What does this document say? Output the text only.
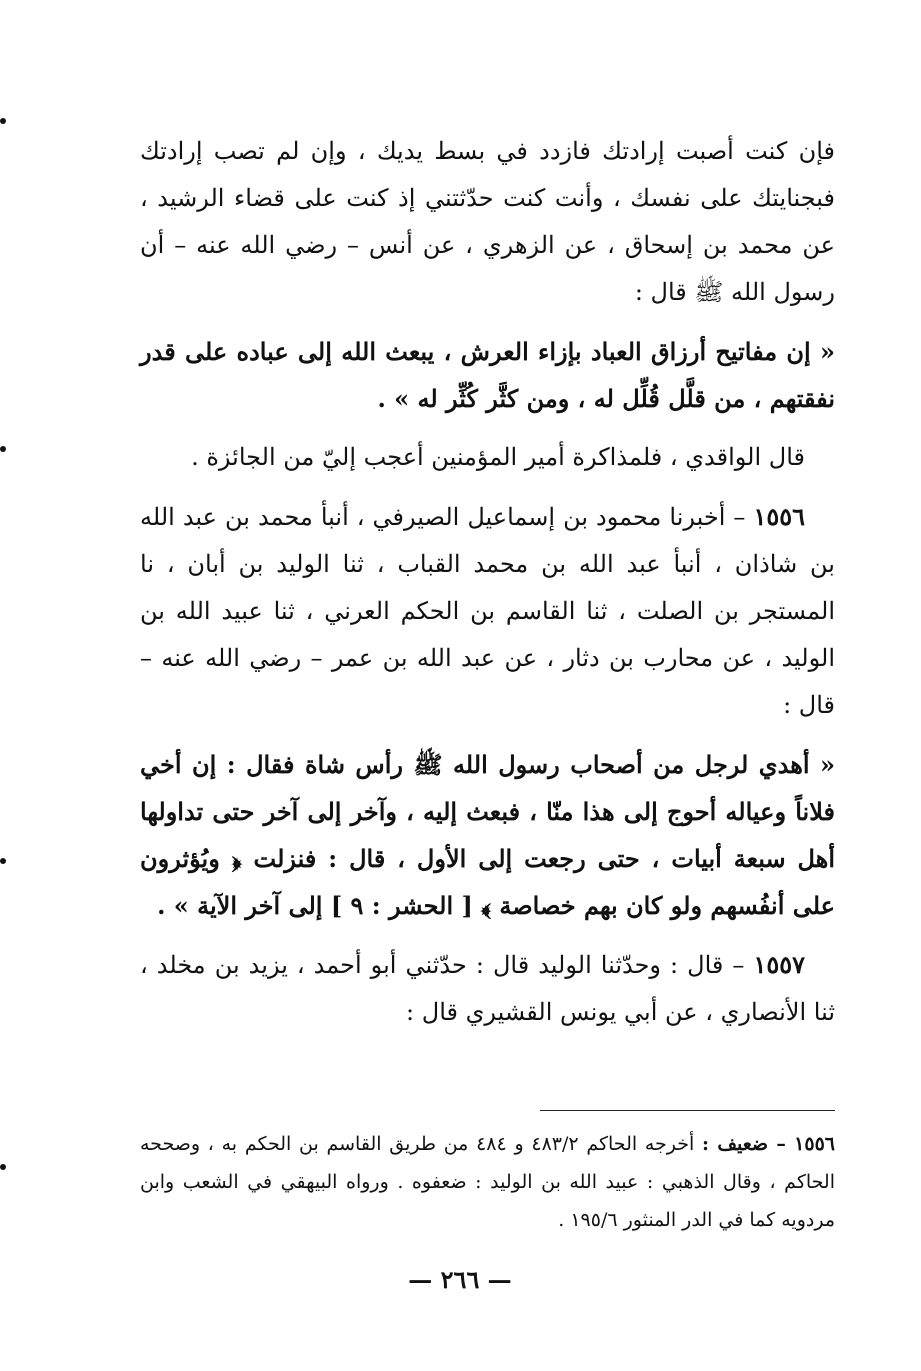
فإن كنت أصبت إرادتك فازدد في بسط يديك ، وإن لم تصب إرادتك فبجنايتك على نفسك ، وأنت كنت حدّثتني إذ كنت على قضاء الرشيد ، عن محمد بن إسحاق ، عن الزهري ، عن أنس – رضي الله عنه – أن رسول الله ﷺ قال :

« إن مفاتيح أرزاق العباد بإزاء العرش ، يبعث الله إلى عباده على قدر نفقتهم ، من قلَّل قُلِّل له ، ومن كثَّر كُثِّر له » .

قال الواقدي ، فلمذاكرة أمير المؤمنين أعجب إليّ من الجائزة .

١٥٥٦ – أخبرنا محمود بن إسماعيل الصيرفي ، أنبأ محمد بن عبد الله بن شاذان ، أنبأ عبد الله بن محمد القباب ، ثنا الوليد بن أبان ، نا المستجر بن الصلت ، ثنا القاسم بن الحكم العرني ، ثنا عبيد الله بن الوليد ، عن محارب بن دثار ، عن عبد الله بن عمر – رضي الله عنه – قال :

« أهدي لرجل من أصحاب رسول الله ﷺ رأس شاة فقال : إن أخي فلاناً وعياله أحوج إلى هذا منّا ، فبعث إليه ، وآخر إلى آخر حتى تداولها أهل سبعة أبيات ، حتى رجعت إلى الأول ، قال : فنزلت ﴿ ويُؤثرون على أنفُسهم ولو كان بهم خصاصة ﴾ [ الحشر : ٩ ] إلى آخر الآية » .

١٥٥٧ – قال : وحدّثنا الوليد قال : حدّثني أبو أحمد ، يزيد بن مخلد ، ثنا الأنصاري ، عن أبي يونس القشيري قال :

١٥٥٦ – ضعيف : أخرجه الحاكم ٤٨٣/٢ و ٤٨٤ من طريق القاسم بن الحكم به ، وصححه الحاكم ، وقال الذهبي : عبيد الله بن الوليد : ضعفوه . ورواه البيهقي في الشعب وابن مردويه كما في الدر المنثور ١٩٥/٦ .

— ٢٦٦ —
